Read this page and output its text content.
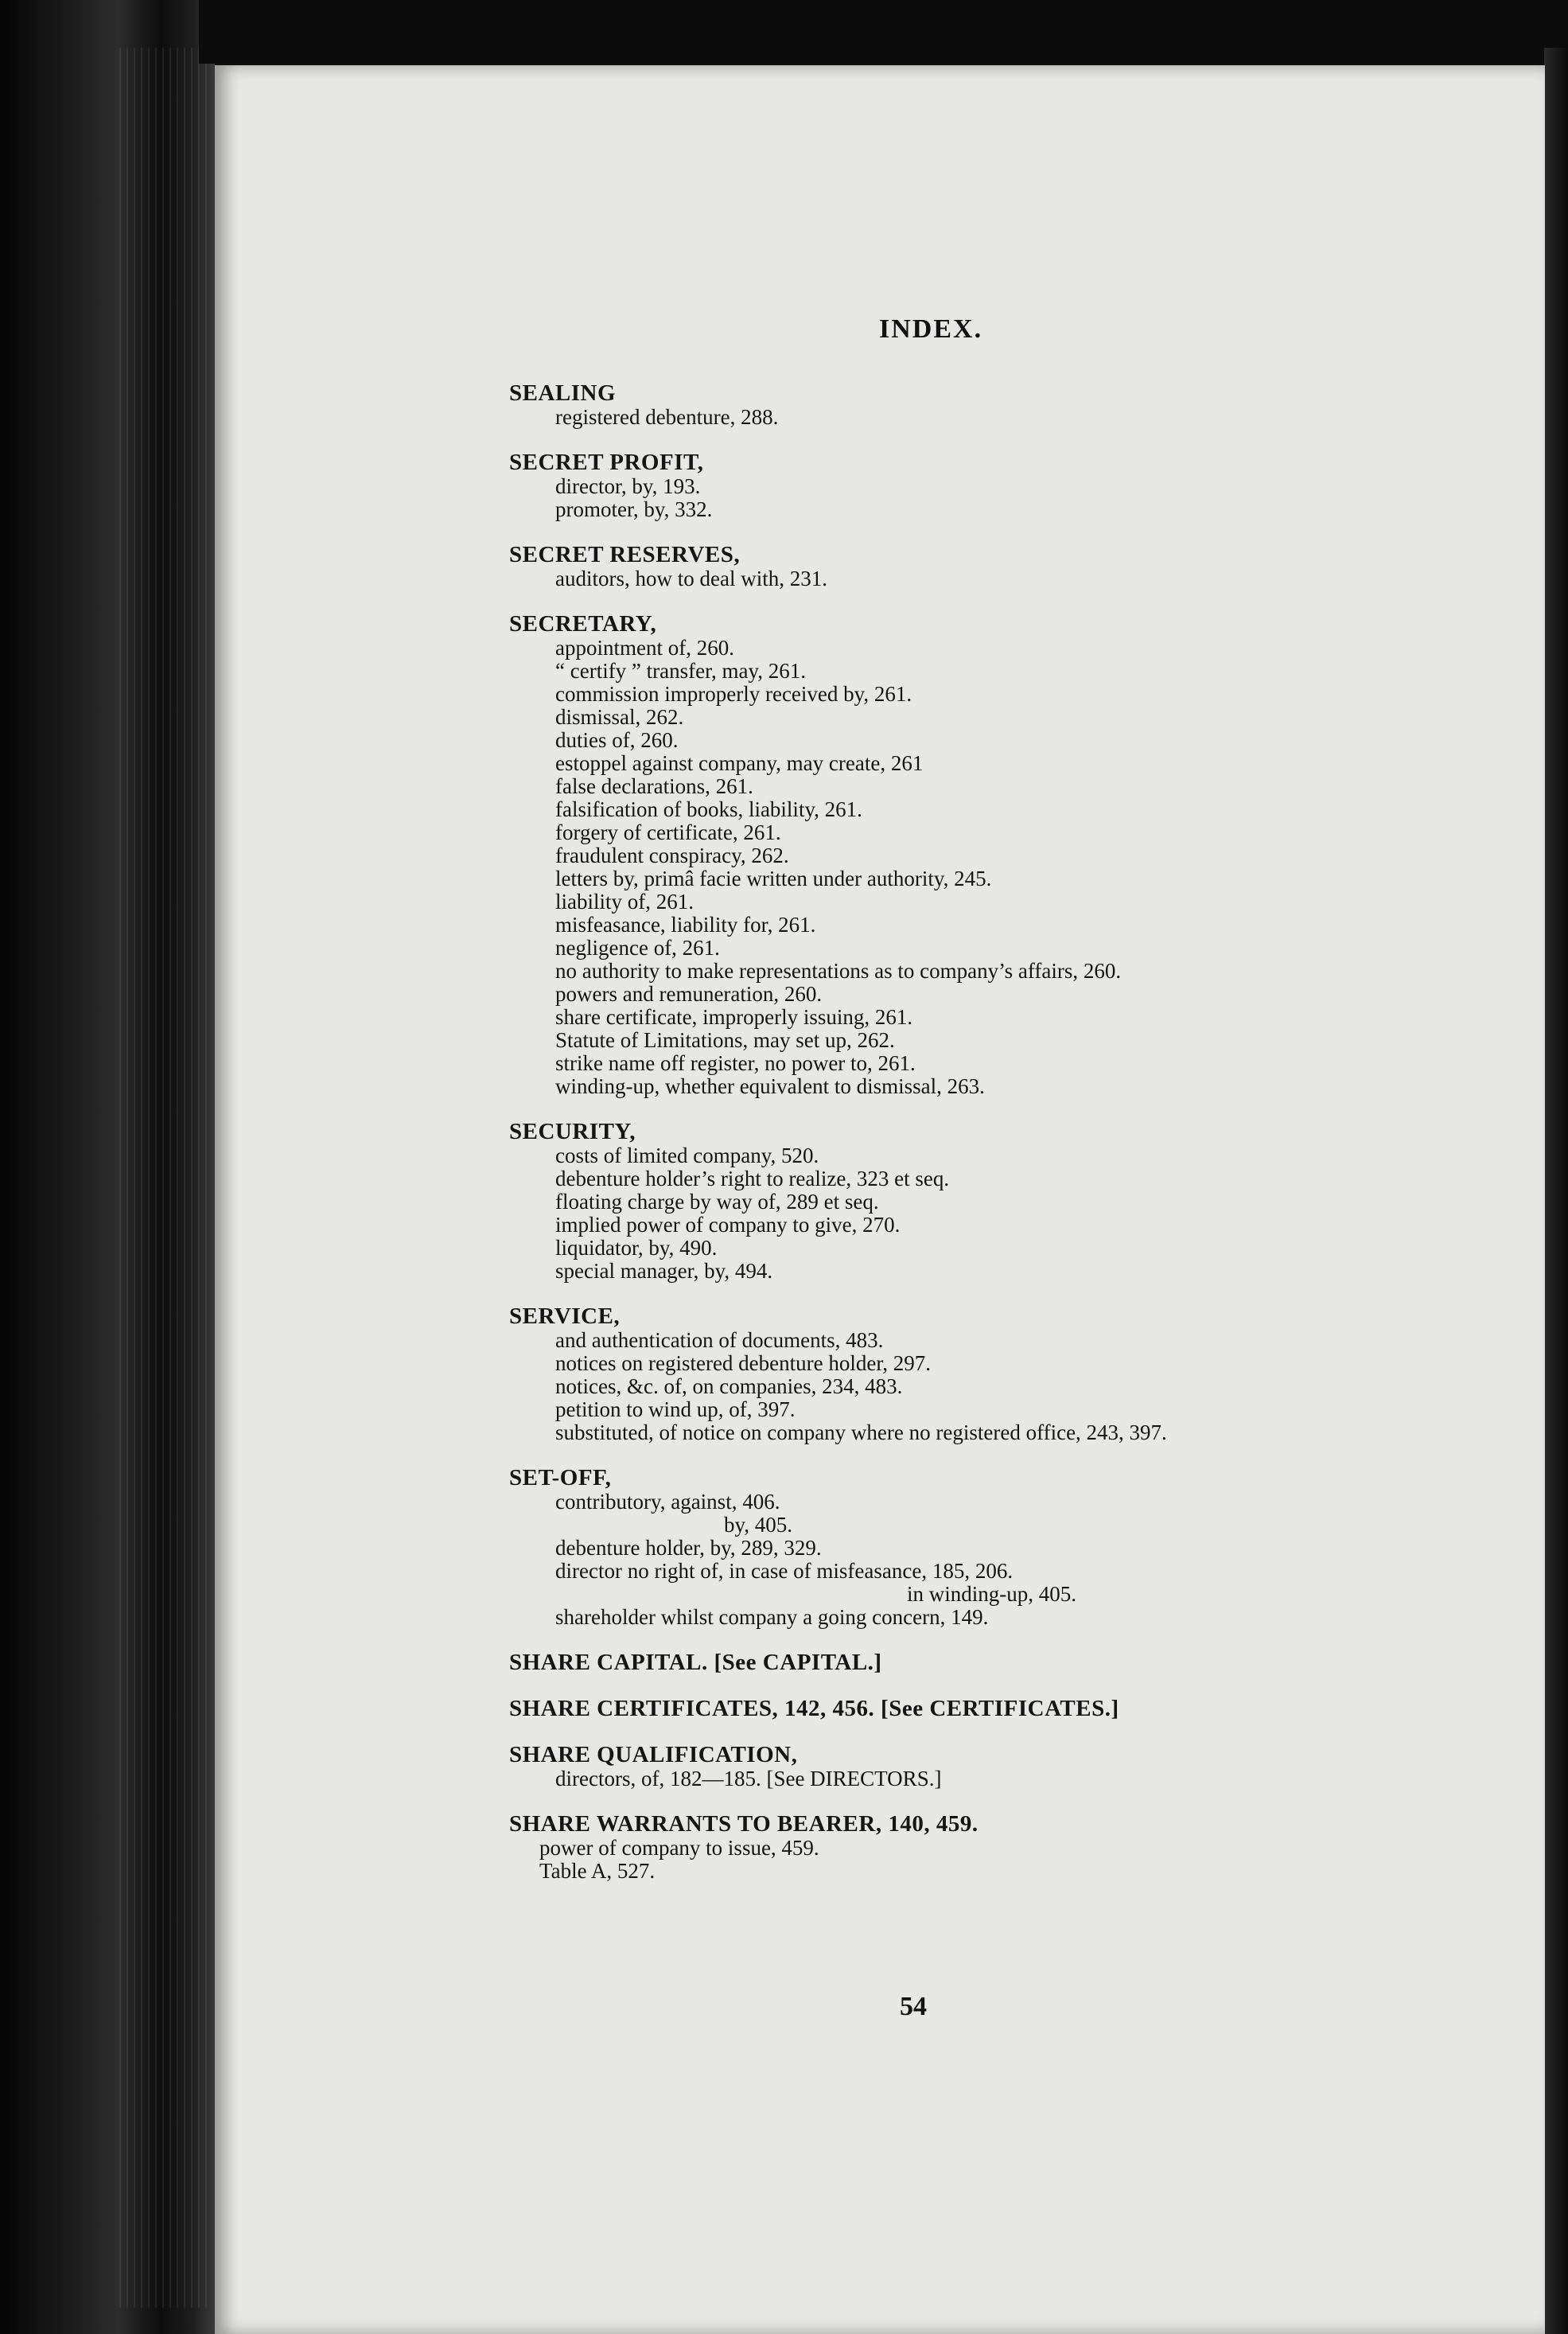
INDEX.
SEALING
registered debenture, 288.
SECRET PROFIT,
director, by, 193.
promoter, by, 332.
SECRET RESERVES,
auditors, how to deal with, 231.
SECRETARY,
appointment of, 260.
“ certify ” transfer, may, 261.
commission improperly received by, 261.
dismissal, 262.
duties of, 260.
estoppel against company, may create, 261
false declarations, 261.
falsification of books, liability, 261.
forgery of certificate, 261.
fraudulent conspiracy, 262.
letters by, primâ facie written under authority, 245.
liability of, 261.
misfeasance, liability for, 261.
negligence of, 261.
no authority to make representations as to company’s affairs, 260.
powers and remuneration, 260.
share certificate, improperly issuing, 261.
Statute of Limitations, may set up, 262.
strike name off register, no power to, 261.
winding-up, whether equivalent to dismissal, 263.
SECURITY,
costs of limited company, 520.
debenture holder’s right to realize, 323 et seq.
floating charge by way of, 289 et seq.
implied power of company to give, 270.
liquidator, by, 490.
special manager, by, 494.
SERVICE,
and authentication of documents, 483.
notices on registered debenture holder, 297.
notices, &c. of, on companies, 234, 483.
petition to wind up, of, 397.
substituted, of notice on company where no registered office, 243, 397.
SET-OFF,
contributory, against, 406.
by, 405.
debenture holder, by, 289, 329.
director no right of, in case of misfeasance, 185, 206.
in winding-up, 405.
shareholder whilst company a going concern, 149.
SHARE CAPITAL. [See CAPITAL.]
SHARE CERTIFICATES, 142, 456. [See CERTIFICATES.]
SHARE QUALIFICATION,
directors, of, 182—185. [See DIRECTORS.]
SHARE WARRANTS TO BEARER, 140, 459.
power of company to issue, 459.
Table A, 527.
54
